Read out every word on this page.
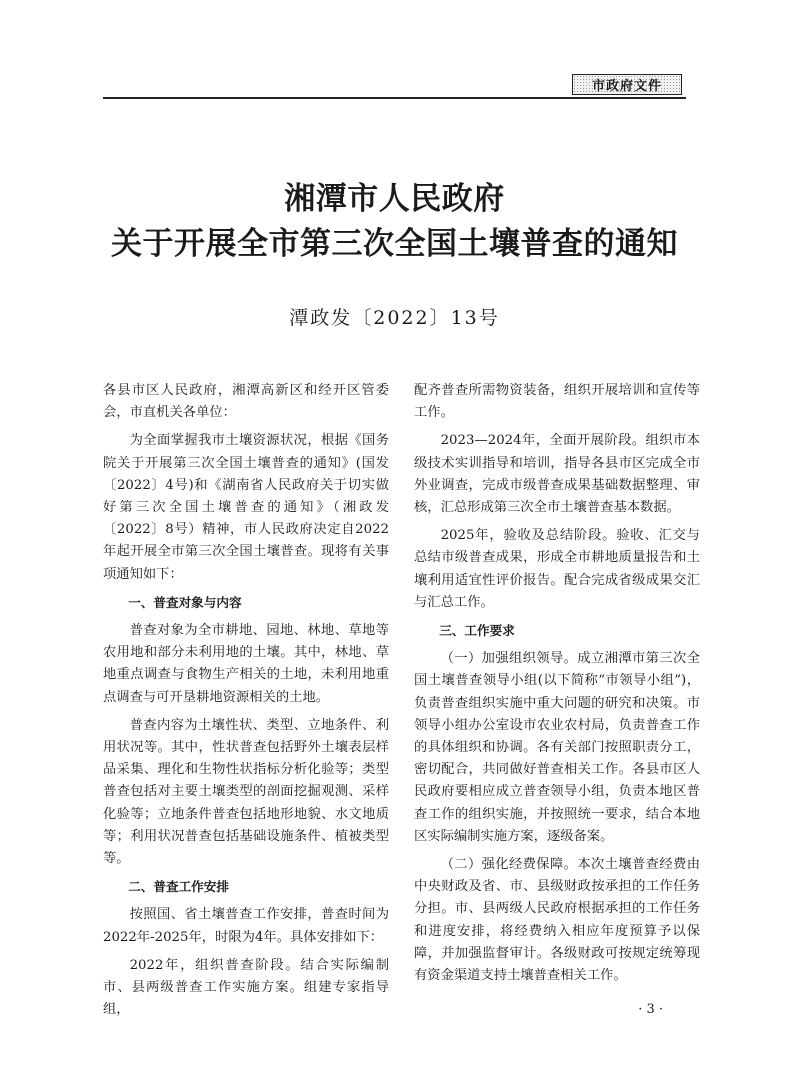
市政府文件
湘潭市人民政府
关于开展全市第三次全国土壤普查的通知
潭政发〔2022〕13号

各县市区人民政府，湘潭高新区和经开区管委会，市直机关各单位：

为全面掌握我市土壤资源状况，根据《国务院关于开展第三次全国土壤普查的通知》(国发〔2022〕4号)和《湖南省人民政府关于切实做好第三次全国土壤普查的通知》（湘政发〔2022〕8号）精神，市人民政府决定自2022年起开展全市第三次全国土壤普查。现将有关事项通知如下：

一、普查对象与内容

普查对象为全市耕地、园地、林地、草地等农用地和部分未利用地的土壤。其中，林地、草地重点调查与食物生产相关的土地，未利用地重点调查与可开垦耕地资源相关的土地。

普查内容为土壤性状、类型、立地条件、利用状况等。其中，性状普查包括野外土壤表层样品采集、理化和生物性状指标分析化验等；类型普查包括对主要土壤类型的剖面挖掘观测、采样化验等；立地条件普查包括地形地貌、水文地质等；利用状况普查包括基础设施条件、植被类型等。

二、普查工作安排

按照国、省土壤普查工作安排，普查时间为2022年-2025年，时限为4年。具体安排如下：

2022年，组织普查阶段。结合实际编制市、县两级普查工作实施方案。组建专家指导组，

配齐普查所需物资装备，组织开展培训和宣传等工作。

2023—2024年，全面开展阶段。组织市本级技术实训指导和培训，指导各县市区完成全市外业调查，完成市级普查成果基础数据整理、审核，汇总形成第三次全市土壤普查基本数据。

2025年，验收及总结阶段。验收、汇交与总结市级普查成果，形成全市耕地质量报告和土壤利用适宜性评价报告。配合完成省级成果交汇与汇总工作。

三、工作要求

（一）加强组织领导。成立湘潭市第三次全国土壤普查领导小组(以下简称“市领导小组”)，负责普查组织实施中重大问题的研究和决策。市领导小组办公室设市农业农村局，负责普查工作的具体组织和协调。各有关部门按照职责分工，密切配合，共同做好普查相关工作。各县市区人民政府要相应成立普查领导小组，负责本地区普查工作的组织实施，并按照统一要求，结合本地区实际编制实施方案，逐级备案。

（二）强化经费保障。本次土壤普查经费由中央财政及省、市、县级财政按承担的工作任务分担。市、县两级人民政府根据承担的工作任务和进度安排，将经费纳入相应年度预算予以保障，并加强监督审计。各级财政可按规定统筹现有资金渠道支持土壤普查相关工作。

· 3 ·
